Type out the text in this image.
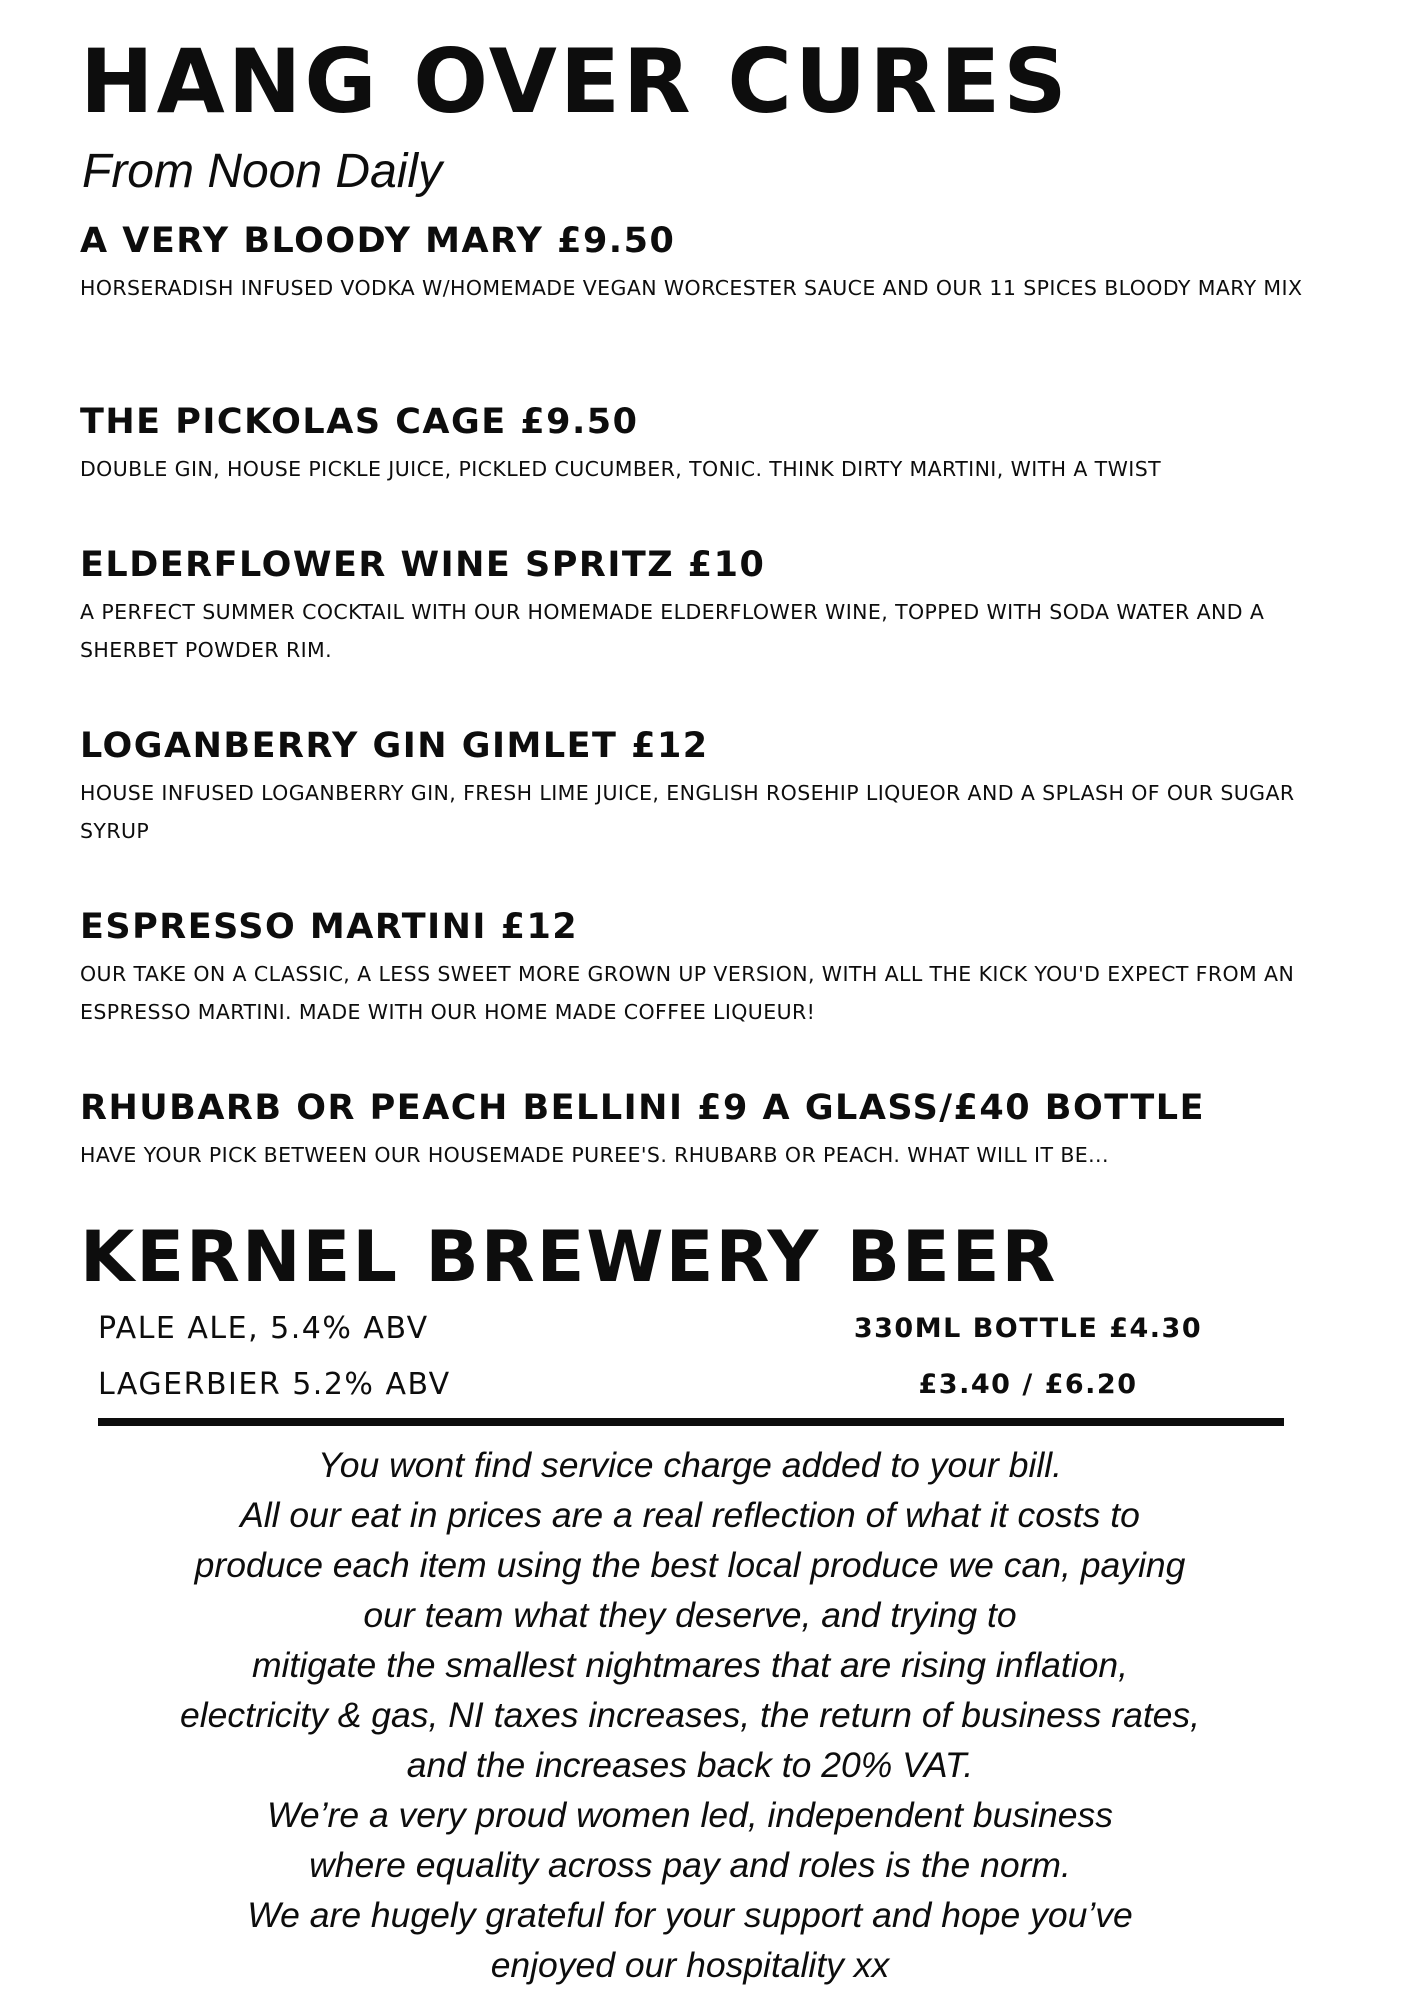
HANG OVER CURES
From Noon Daily
A VERY BLOODY MARY £9.50
HORSERADISH INFUSED VODKA W/HOMEMADE VEGAN WORCESTER SAUCE AND OUR 11 SPICES BLOODY MARY MIX
THE PICKOLAS CAGE £9.50
DOUBLE GIN, HOUSE PICKLE JUICE, PICKLED CUCUMBER, TONIC. THINK DIRTY MARTINI, WITH A TWIST
ELDERFLOWER WINE SPRITZ £10
A PERFECT SUMMER COCKTAIL WITH OUR HOMEMADE ELDERFLOWER WINE, TOPPED WITH SODA WATER AND A SHERBET POWDER RIM.
LOGANBERRY GIN GIMLET £12
HOUSE INFUSED LOGANBERRY GIN, FRESH LIME JUICE, ENGLISH ROSEHIP LIQUEOR AND A SPLASH OF OUR SUGAR SYRUP
ESPRESSO MARTINI £12
OUR TAKE ON A CLASSIC, A LESS SWEET MORE GROWN UP VERSION, WITH ALL THE KICK YOU'D EXPECT FROM AN ESPRESSO MARTINI. MADE WITH OUR HOME MADE COFFEE LIQUEUR!
RHUBARB OR PEACH BELLINI £9 A GLASS/£40 BOTTLE
HAVE YOUR PICK BETWEEN OUR HOUSEMADE PUREE'S. RHUBARB OR PEACH. WHAT WILL IT BE...
KERNEL BREWERY BEER
PALE ALE, 5.4% ABV	330ML BOTTLE £4.30
LAGERBIER 5.2% ABV	£3.40 / £6.20
You wont find service charge added to your bill.
All our eat in prices are a real reflection of what it costs to
produce each item using the best local produce we can, paying
our team what they deserve, and trying to
mitigate the smallest nightmares that are rising inflation,
electricity & gas, NI taxes increases, the return of business rates,
and the increases back to 20% VAT.
We’re a very proud women led, independent business
where equality across pay and roles is the norm.
We are hugely grateful for your support and hope you’ve
enjoyed our hospitality xx
